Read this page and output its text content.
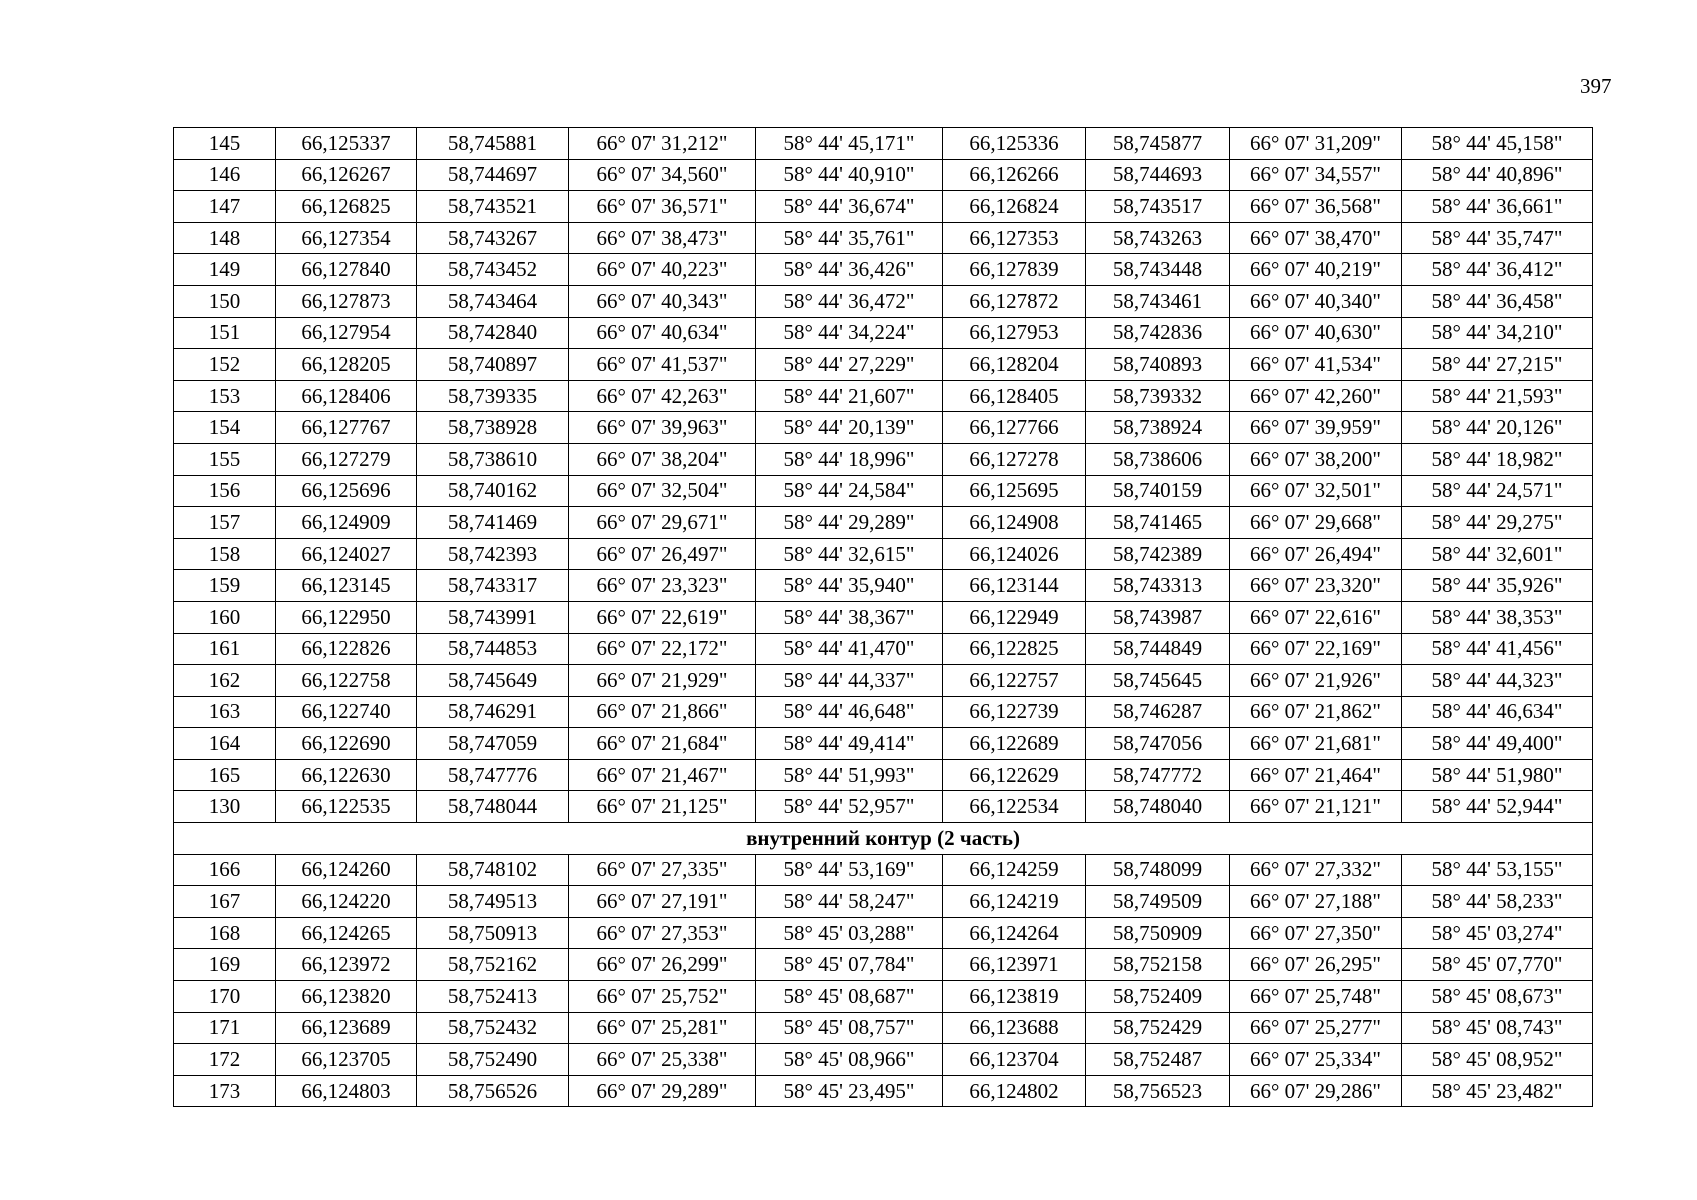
397
145	66,125337	58,745881	66° 07' 31,212"	58° 44' 45,171"	66,125336	58,745877	66° 07' 31,209"	58° 44' 45,158"
146	66,126267	58,744697	66° 07' 34,560"	58° 44' 40,910"	66,126266	58,744693	66° 07' 34,557"	58° 44' 40,896"
147	66,126825	58,743521	66° 07' 36,571"	58° 44' 36,674"	66,126824	58,743517	66° 07' 36,568"	58° 44' 36,661"
148	66,127354	58,743267	66° 07' 38,473"	58° 44' 35,761"	66,127353	58,743263	66° 07' 38,470"	58° 44' 35,747"
149	66,127840	58,743452	66° 07' 40,223"	58° 44' 36,426"	66,127839	58,743448	66° 07' 40,219"	58° 44' 36,412"
150	66,127873	58,743464	66° 07' 40,343"	58° 44' 36,472"	66,127872	58,743461	66° 07' 40,340"	58° 44' 36,458"
151	66,127954	58,742840	66° 07' 40,634"	58° 44' 34,224"	66,127953	58,742836	66° 07' 40,630"	58° 44' 34,210"
152	66,128205	58,740897	66° 07' 41,537"	58° 44' 27,229"	66,128204	58,740893	66° 07' 41,534"	58° 44' 27,215"
153	66,128406	58,739335	66° 07' 42,263"	58° 44' 21,607"	66,128405	58,739332	66° 07' 42,260"	58° 44' 21,593"
154	66,127767	58,738928	66° 07' 39,963"	58° 44' 20,139"	66,127766	58,738924	66° 07' 39,959"	58° 44' 20,126"
155	66,127279	58,738610	66° 07' 38,204"	58° 44' 18,996"	66,127278	58,738606	66° 07' 38,200"	58° 44' 18,982"
156	66,125696	58,740162	66° 07' 32,504"	58° 44' 24,584"	66,125695	58,740159	66° 07' 32,501"	58° 44' 24,571"
157	66,124909	58,741469	66° 07' 29,671"	58° 44' 29,289"	66,124908	58,741465	66° 07' 29,668"	58° 44' 29,275"
158	66,124027	58,742393	66° 07' 26,497"	58° 44' 32,615"	66,124026	58,742389	66° 07' 26,494"	58° 44' 32,601"
159	66,123145	58,743317	66° 07' 23,323"	58° 44' 35,940"	66,123144	58,743313	66° 07' 23,320"	58° 44' 35,926"
160	66,122950	58,743991	66° 07' 22,619"	58° 44' 38,367"	66,122949	58,743987	66° 07' 22,616"	58° 44' 38,353"
161	66,122826	58,744853	66° 07' 22,172"	58° 44' 41,470"	66,122825	58,744849	66° 07' 22,169"	58° 44' 41,456"
162	66,122758	58,745649	66° 07' 21,929"	58° 44' 44,337"	66,122757	58,745645	66° 07' 21,926"	58° 44' 44,323"
163	66,122740	58,746291	66° 07' 21,866"	58° 44' 46,648"	66,122739	58,746287	66° 07' 21,862"	58° 44' 46,634"
164	66,122690	58,747059	66° 07' 21,684"	58° 44' 49,414"	66,122689	58,747056	66° 07' 21,681"	58° 44' 49,400"
165	66,122630	58,747776	66° 07' 21,467"	58° 44' 51,993"	66,122629	58,747772	66° 07' 21,464"	58° 44' 51,980"
130	66,122535	58,748044	66° 07' 21,125"	58° 44' 52,957"	66,122534	58,748040	66° 07' 21,121"	58° 44' 52,944"
внутренний контур (2 часть)								
166	66,124260	58,748102	66° 07' 27,335"	58° 44' 53,169"	66,124259	58,748099	66° 07' 27,332"	58° 44' 53,155"
167	66,124220	58,749513	66° 07' 27,191"	58° 44' 58,247"	66,124219	58,749509	66° 07' 27,188"	58° 44' 58,233"
168	66,124265	58,750913	66° 07' 27,353"	58° 45' 03,288"	66,124264	58,750909	66° 07' 27,350"	58° 45' 03,274"
169	66,123972	58,752162	66° 07' 26,299"	58° 45' 07,784"	66,123971	58,752158	66° 07' 26,295"	58° 45' 07,770"
170	66,123820	58,752413	66° 07' 25,752"	58° 45' 08,687"	66,123819	58,752409	66° 07' 25,748"	58° 45' 08,673"
171	66,123689	58,752432	66° 07' 25,281"	58° 45' 08,757"	66,123688	58,752429	66° 07' 25,277"	58° 45' 08,743"
172	66,123705	58,752490	66° 07' 25,338"	58° 45' 08,966"	66,123704	58,752487	66° 07' 25,334"	58° 45' 08,952"
173	66,124803	58,756526	66° 07' 29,289"	58° 45' 23,495"	66,124802	58,756523	66° 07' 29,286"	58° 45' 23,482"
